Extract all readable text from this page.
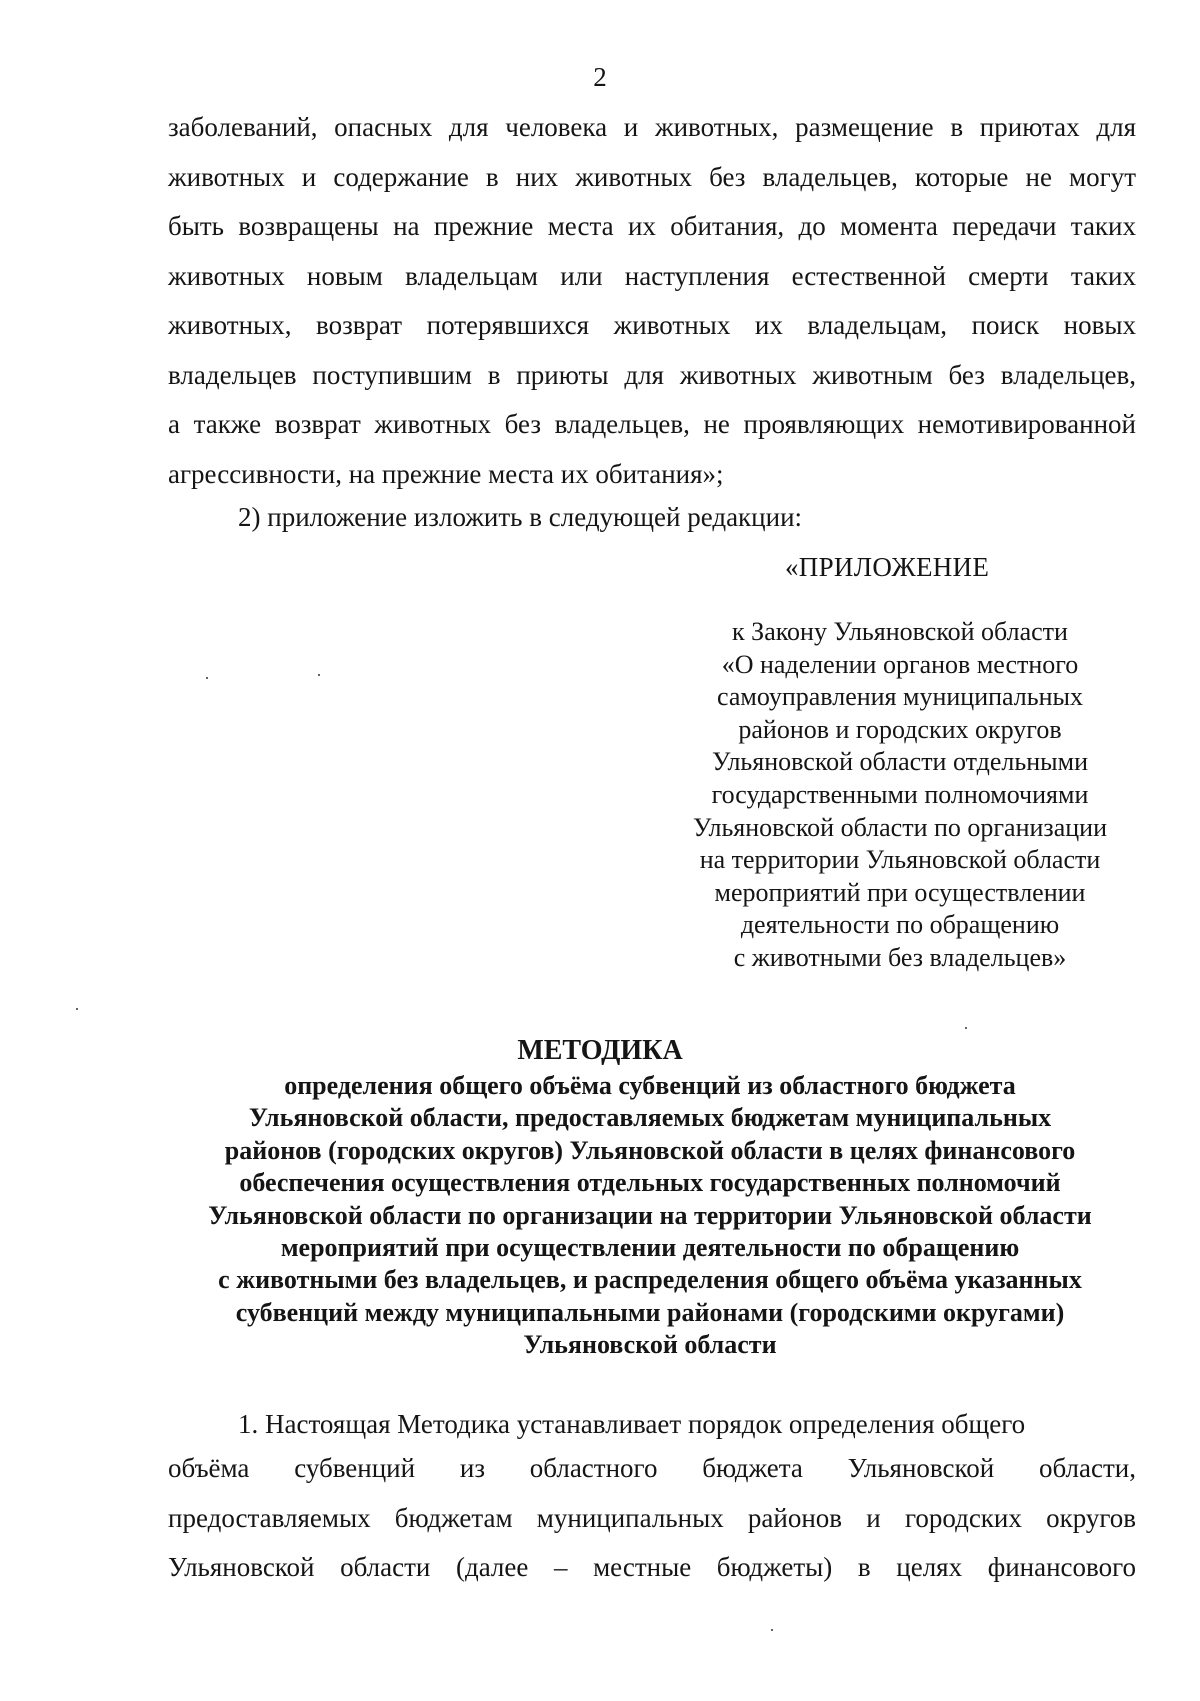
2
заболеваний, опасных для человека и животных, размещение в приютах для
животных и содержание в них животных без владельцев, которые не могут
быть возвращены на прежние места их обитания, до момента передачи таких
животных новым владельцам или наступления естественной смерти таких
животных, возврат потерявшихся животных их владельцам, поиск новых
владельцев поступившим в приюты для животных животным без владельцев,
а также возврат животных без владельцев, не проявляющих немотивированной
агрессивности, на прежние места их обитания»;
2) приложение изложить в следующей редакции:
«ПРИЛОЖЕНИЕ
к Закону Ульяновской области
«О наделении органов местного
самоуправления муниципальных
районов и городских округов
Ульяновской области отдельными
государственными полномочиями
Ульяновской области по организации
на территории Ульяновской области
мероприятий при осуществлении
деятельности по обращению
с животными без владельцев»
МЕТОДИКА
определения общего объёма субвенций из областного бюджета
Ульяновской области, предоставляемых бюджетам муниципальных
районов (городских округов) Ульяновской области в целях финансового
обеспечения осуществления отдельных государственных полномочий
Ульяновской области по организации на территории Ульяновской области
мероприятий при осуществлении деятельности по обращению
с животными без владельцев, и распределения общего объёма указанных
субвенций между муниципальными районами (городскими округами)
Ульяновской области
1. Настоящая Методика устанавливает порядок определения общего
объёма субвенций из областного бюджета Ульяновской области,
предоставляемых бюджетам муниципальных районов и городских округов
Ульяновской области (далее – местные бюджеты) в целях финансового
